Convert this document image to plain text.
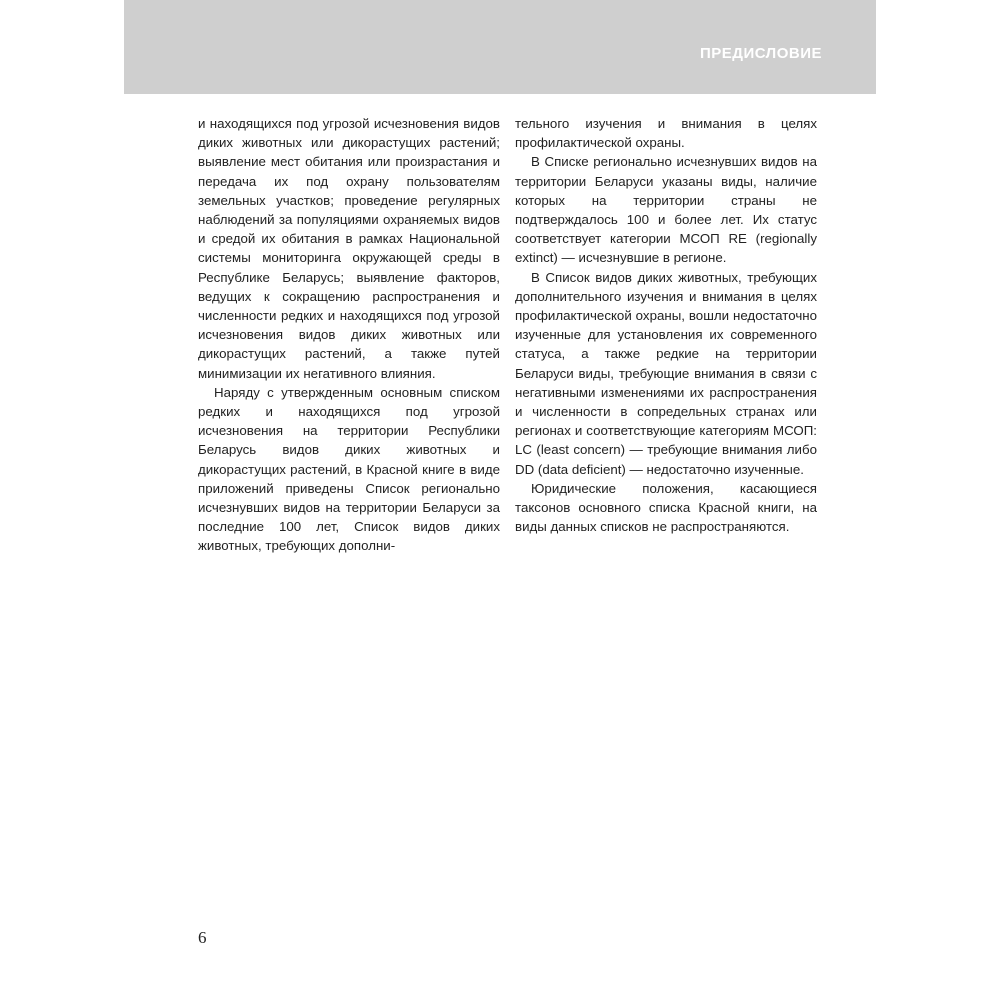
ПРЕДИСЛОВИЕ

и находящихся под угрозой исчезновения видов диких животных или дикорастущих растений; выявление мест обитания или произрастания и передача их под охрану пользователям земельных участков; проведение регулярных наблюдений за популяциями охраняемых видов и средой их обитания в рамках Национальной системы мониторинга окружающей среды в Республике Беларусь; выявление факторов, ведущих к сокращению распространения и численности редких и находящихся под угрозой исчезновения видов диких животных или дикорастущих растений, а также путей минимизации их негативного влияния.

Наряду с утвержденным основным списком редких и находящихся под угрозой исчезновения на территории Республики Беларусь видов диких животных и дикорастущих растений, в Красной книге в виде приложений приведены Список регионально исчезнувших видов на территории Беларуси за последние 100 лет, Список видов диких животных, требующих дополни-

тельного изучения и внимания в целях профилактической охраны.

В Списке регионально исчезнувших видов на территории Беларуси указаны виды, наличие которых на территории страны не подтверждалось 100 и более лет. Их статус соответствует категории МСОП RE (regionally extinct) — исчезнувшие в регионе.

В Список видов диких животных, требующих дополнительного изучения и внимания в целях профилактической охраны, вошли недостаточно изученные для установления их современного статуса, а также редкие на территории Беларуси виды, требующие внимания в связи с негативными изменениями их распространения и численности в сопредельных странах или регионах и соответствующие категориям МСОП: LC (least concern) — требующие внимания либо DD (data deficient) — недостаточно изученные.

Юридические положения, касающиеся таксонов основного списка Красной книги, на виды данных списков не распространяются.

6
